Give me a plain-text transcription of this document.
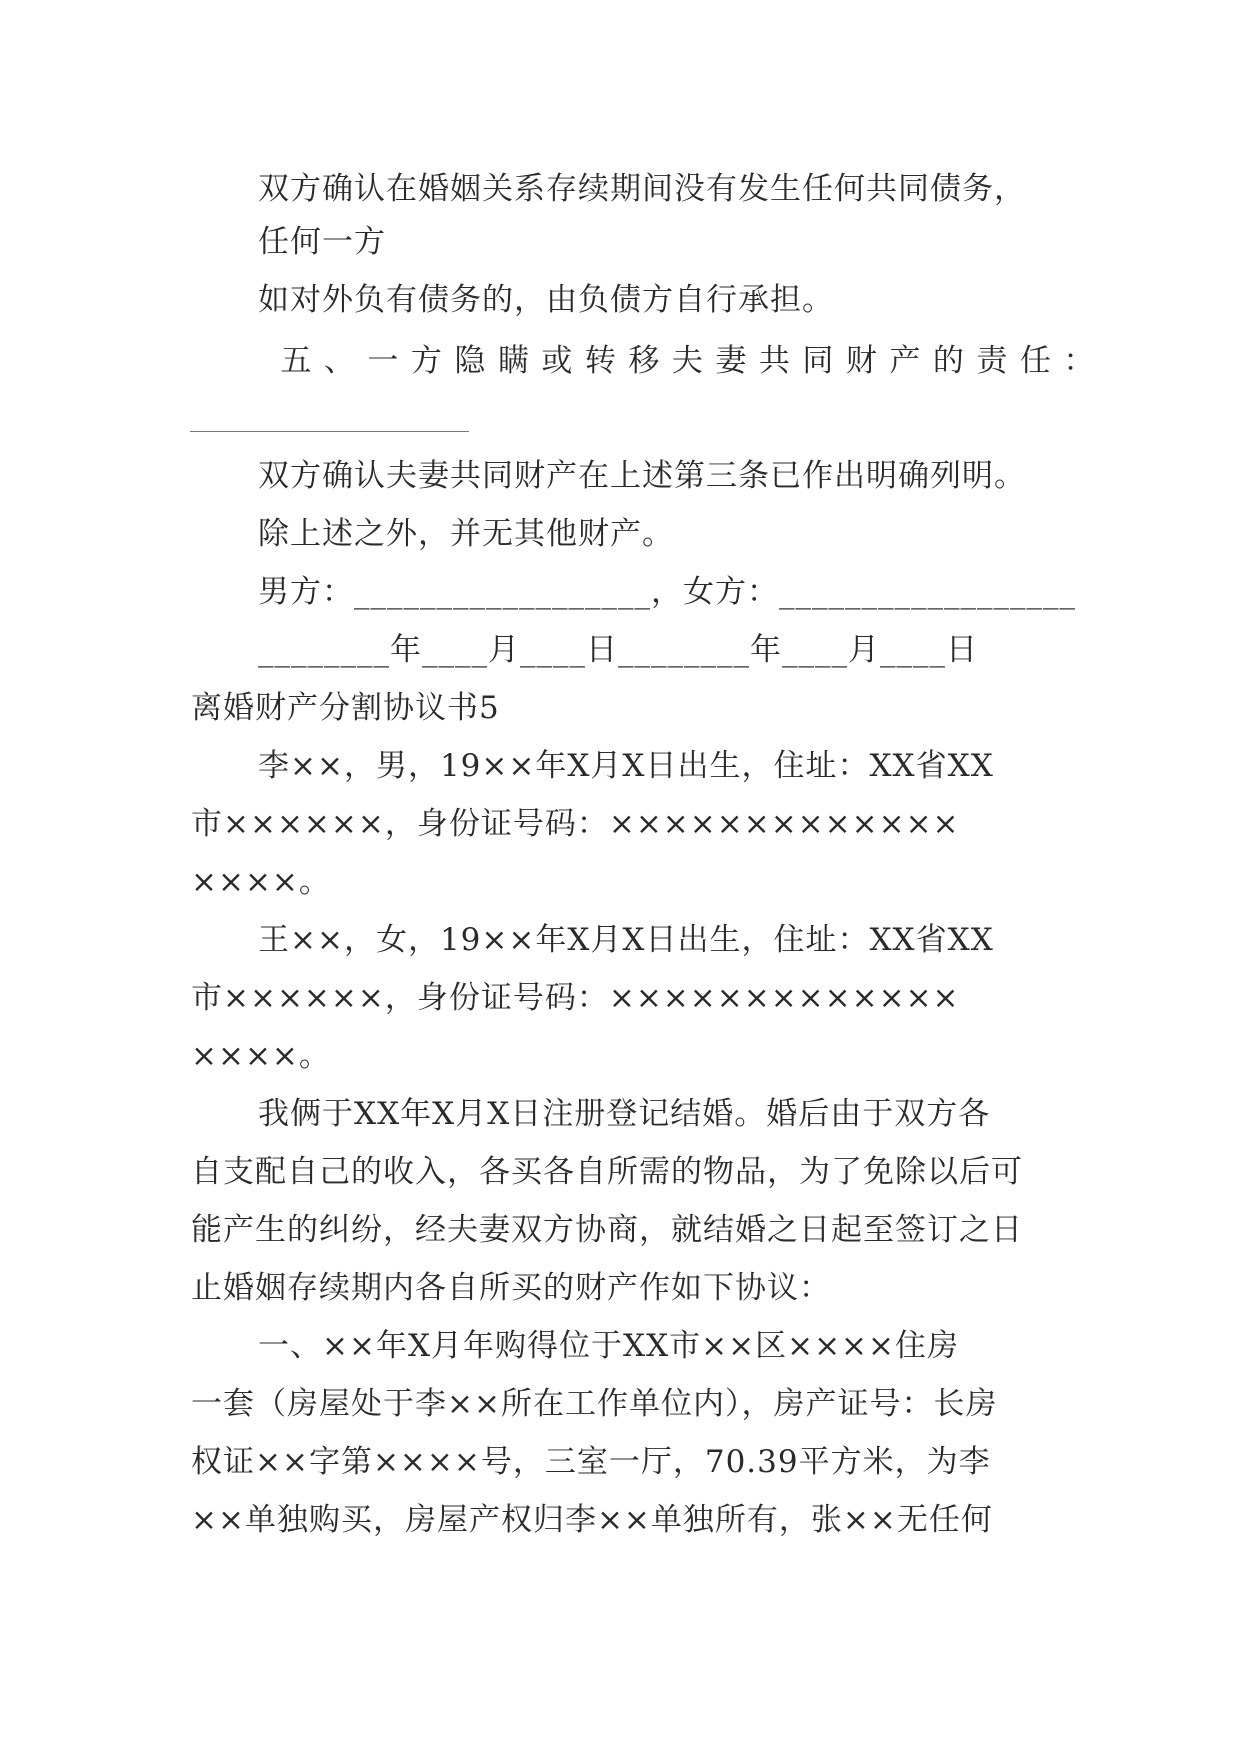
双方确认在婚姻关系存续期间没有发生任何共同债务，
任何一方
如对外负有债务的，由负债方自行承担。
五、一方隐瞒或转移夫妻共同财产的责任：
双方确认夫妻共同财产在上述第三条已作出明确列明。
除上述之外，并无其他财产。
男方：__________________，女方：__________________
________年____月____日________年____月____日
离婚财产分割协议书5
李××，男，19××年X月X日出生，住址：XX省XX
市××××××，身份证号码：×××××××××××××
××××。
王××，女，19××年X月X日出生，住址：XX省XX
市××××××，身份证号码：×××××××××××××
××××。
我俩于XX年X月X日注册登记结婚。婚后由于双方各
自支配自己的收入，各买各自所需的物品，为了免除以后可
能产生的纠纷，经夫妻双方协商，就结婚之日起至签订之日
止婚姻存续期内各自所买的财产作如下协议：
一、××年X月年购得位于XX市××区××××住房
一套（房屋处于李××所在工作单位内），房产证号：长房
权证××字第××××号，三室一厅，70.39平方米，为李
××单独购买，房屋产权归李××单独所有，张××无任何
